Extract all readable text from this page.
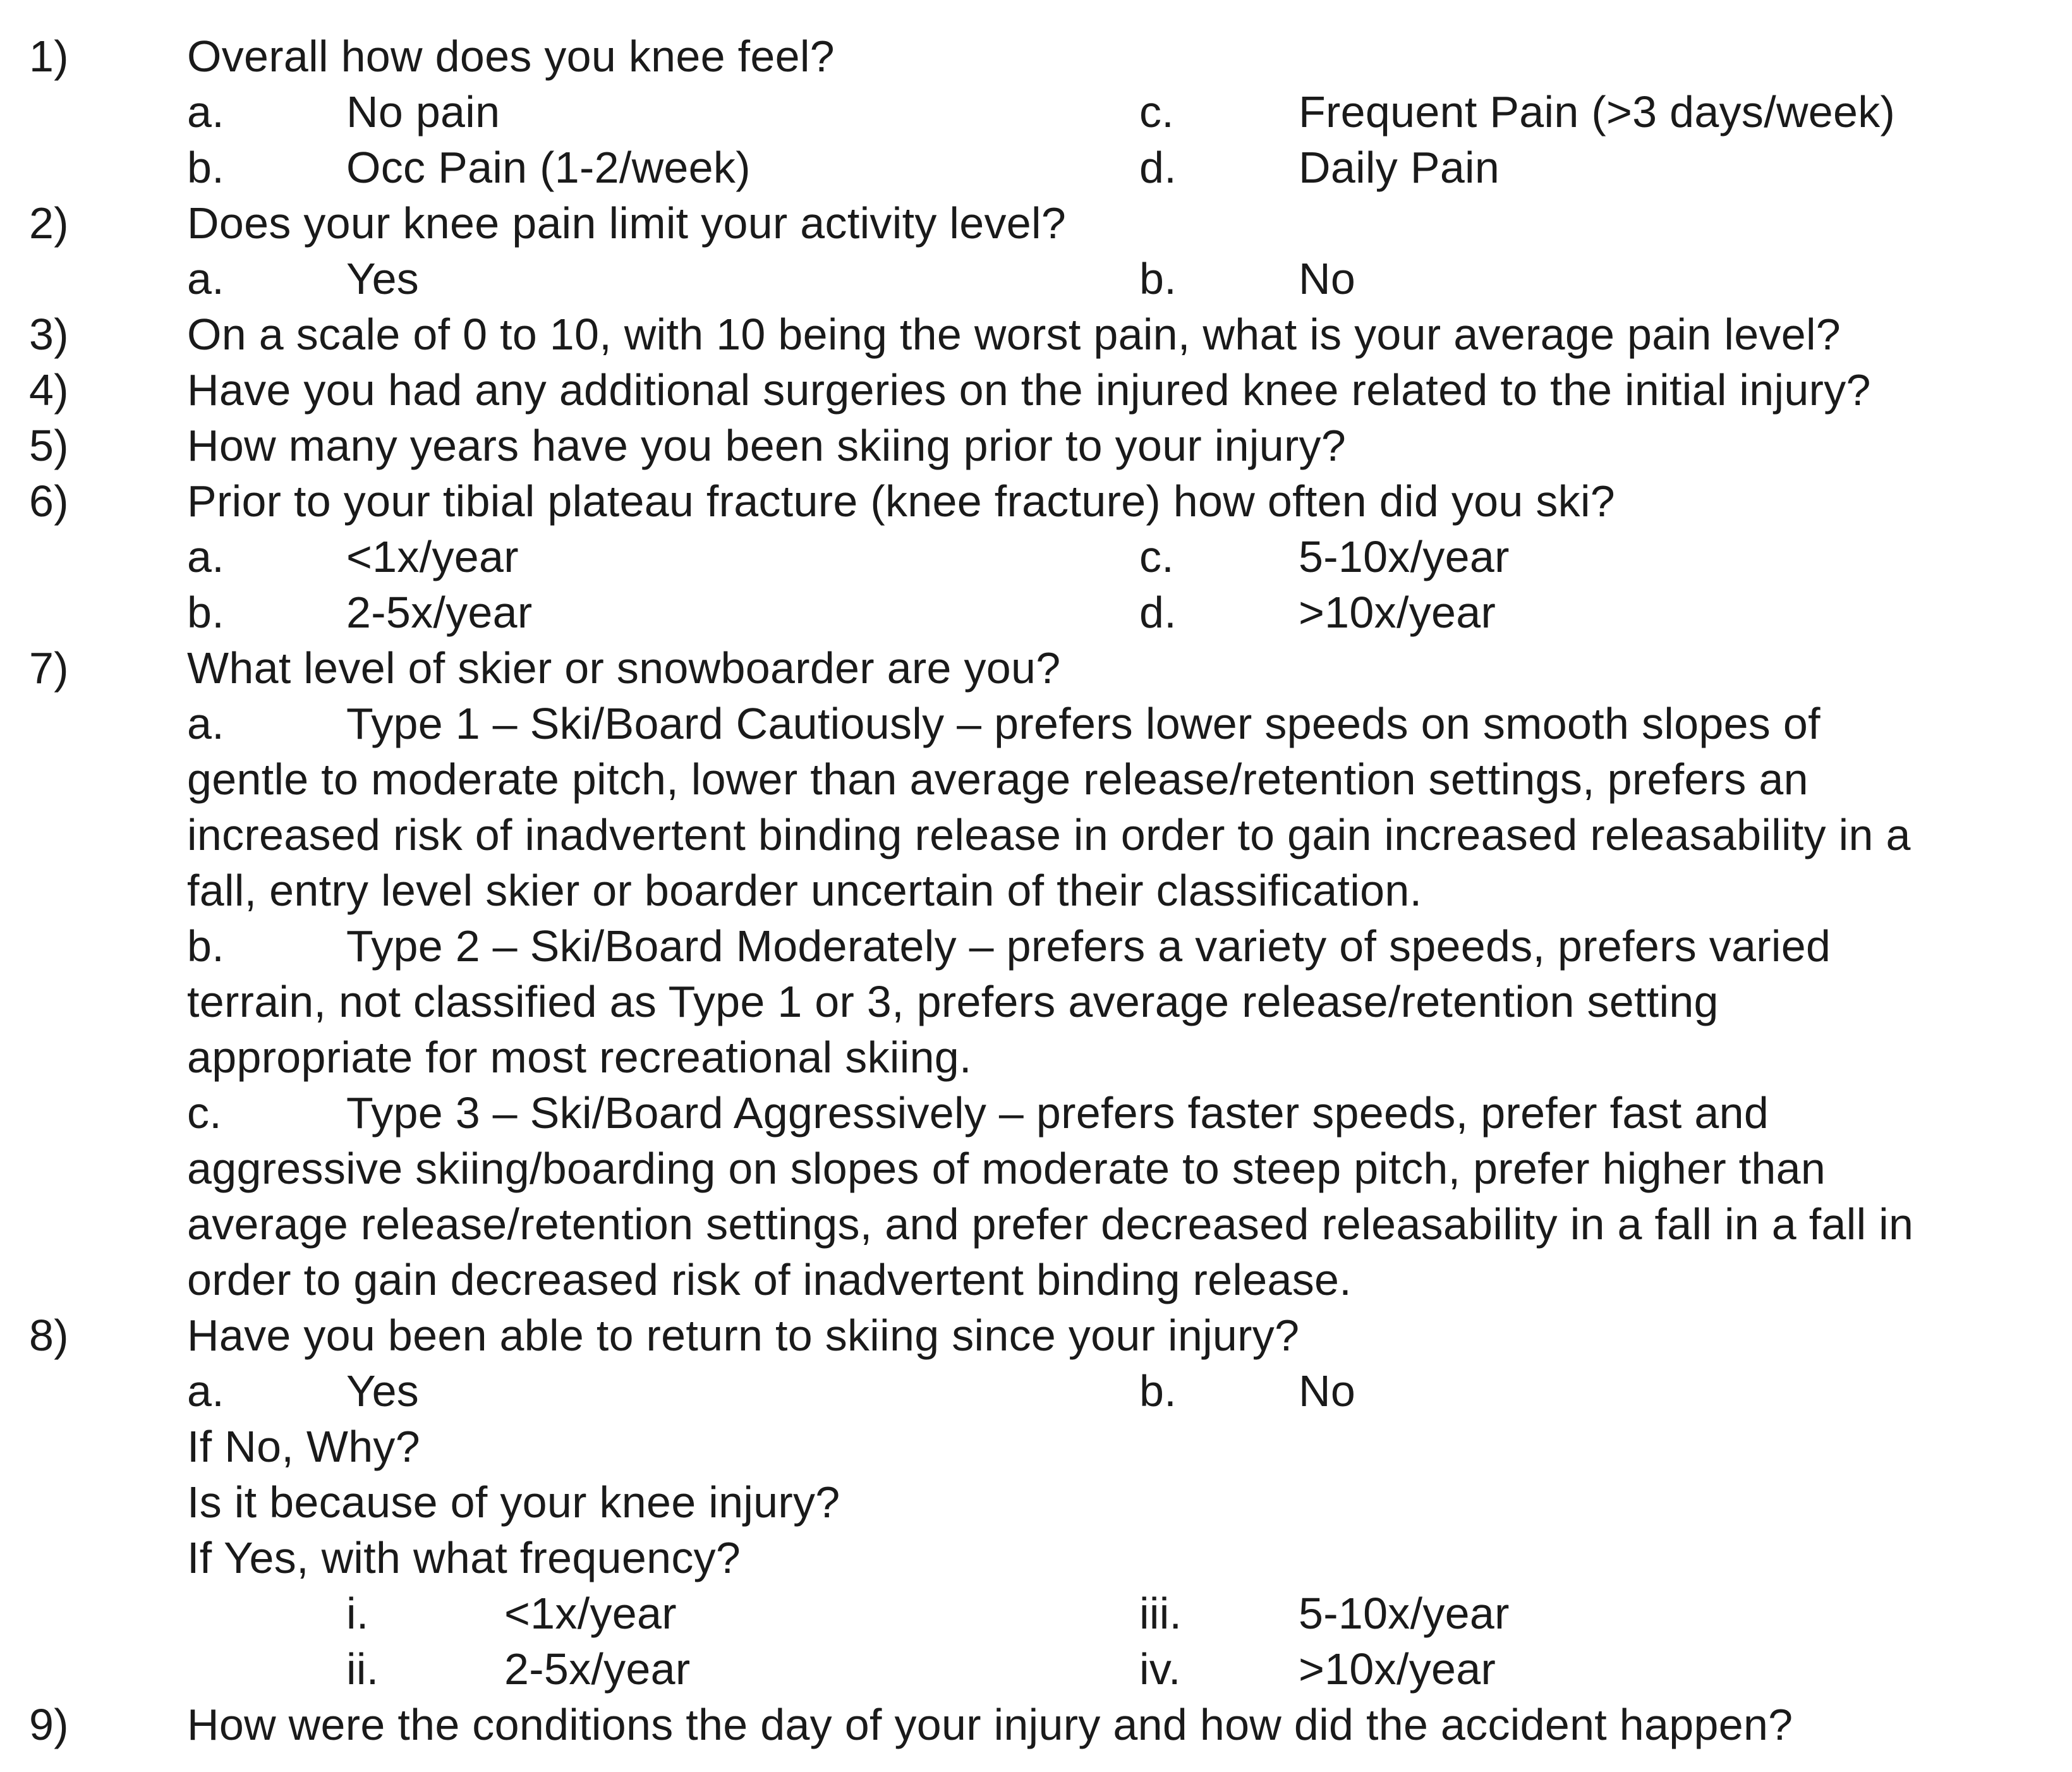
1)	Overall how does you knee feel?
a.	No pain	c.	Frequent Pain (>3 days/week)
b.	Occ Pain (1-2/week)	d.	Daily Pain
2)	Does your knee pain limit your activity level?
a.	Yes	b.	No
3)	On a scale of 0 to 10, with 10 being the worst pain, what is your average pain level?
4)	Have you had any additional surgeries on the injured knee related to the initial injury?
5)	How many years have you been skiing prior to your injury?
6)	Prior to your tibial plateau fracture (knee fracture) how often did you ski?
a.	<1x/year	c.	5-10x/year
b.	2-5x/year	d.	>10x/year
7)	What level of skier or snowboarder are you?
a.	Type 1 – Ski/Board Cautiously – prefers lower speeds on smooth slopes of
gentle to moderate pitch, lower than average release/retention settings, prefers an
increased risk of inadvertent binding release in order to gain increased releasability in a
fall, entry level skier or boarder uncertain of their classification.
b.	Type 2 – Ski/Board Moderately – prefers a variety of speeds, prefers varied
terrain, not classified as Type 1 or 3, prefers average release/retention setting
appropriate for most recreational skiing.
c.	Type 3 – Ski/Board Aggressively – prefers faster speeds, prefer fast and
aggressive skiing/boarding on slopes of moderate to steep pitch, prefer higher than
average release/retention settings, and prefer decreased releasability in a fall in a fall in
order to gain decreased risk of inadvertent binding release.
8)	Have you been able to return to skiing since your injury?
a.	Yes	b.	No
If No, Why?
Is it because of your knee injury?
If Yes, with what frequency?
i.	<1x/year	iii.	5-10x/year
ii.	2-5x/year	iv.	>10x/year
9)	How were the conditions the day of your injury and how did the accident happen?
